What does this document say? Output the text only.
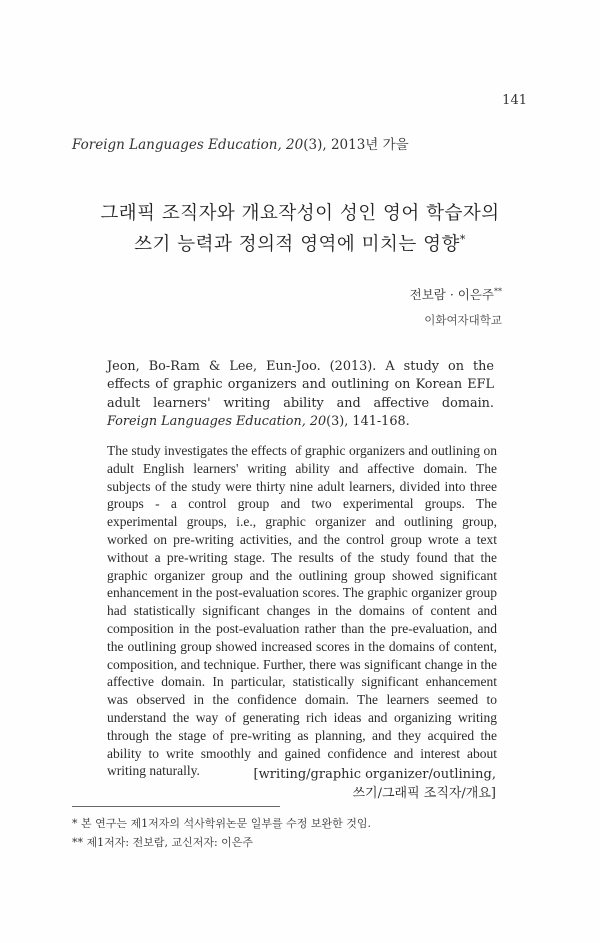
141
Foreign Languages Education, 20(3), 2013년 가을
그래픽 조직자와 개요작성이 성인 영어 학습자의
쓰기 능력과 정의적 영역에 미치는 영향*
전보람 · 이은주**
이화여자대학교
Jeon, Bo-Ram & Lee, Eun-Joo. (2013). A study on the effects of graphic organizers and outlining on Korean EFL adult learners' writing ability and affective domain. Foreign Languages Education, 20(3), 141-168.
The study investigates the effects of graphic organizers and outlining on adult English learners' writing ability and affective domain. The subjects of the study were thirty nine adult learners, divided into three groups - a control group and two experimental groups. The experimental groups, i.e., graphic organizer and outlining group, worked on pre-writing activities, and the control group wrote a text without a pre-writing stage. The results of the study found that the graphic organizer group and the outlining group showed significant enhancement in the post-evaluation scores. The graphic organizer group had statistically significant changes in the domains of content and composition in the post-evaluation rather than the pre-evaluation, and the outlining group showed increased scores in the domains of content, composition, and technique. Further, there was significant change in the affective domain. In particular, statistically significant enhancement was observed in the confidence domain. The learners seemed to understand the way of generating rich ideas and organizing writing through the stage of pre-writing as planning, and they acquired the ability to write smoothly and gained confidence and interest about writing naturally.	[writing/graphic organizer/outlining,
쓰기/그래픽 조직자/개요]
* 본 연구는 제1저자의 석사학위논문 일부를 수정 보완한 것임.
** 제1저자: 전보람, 교신저자: 이은주
